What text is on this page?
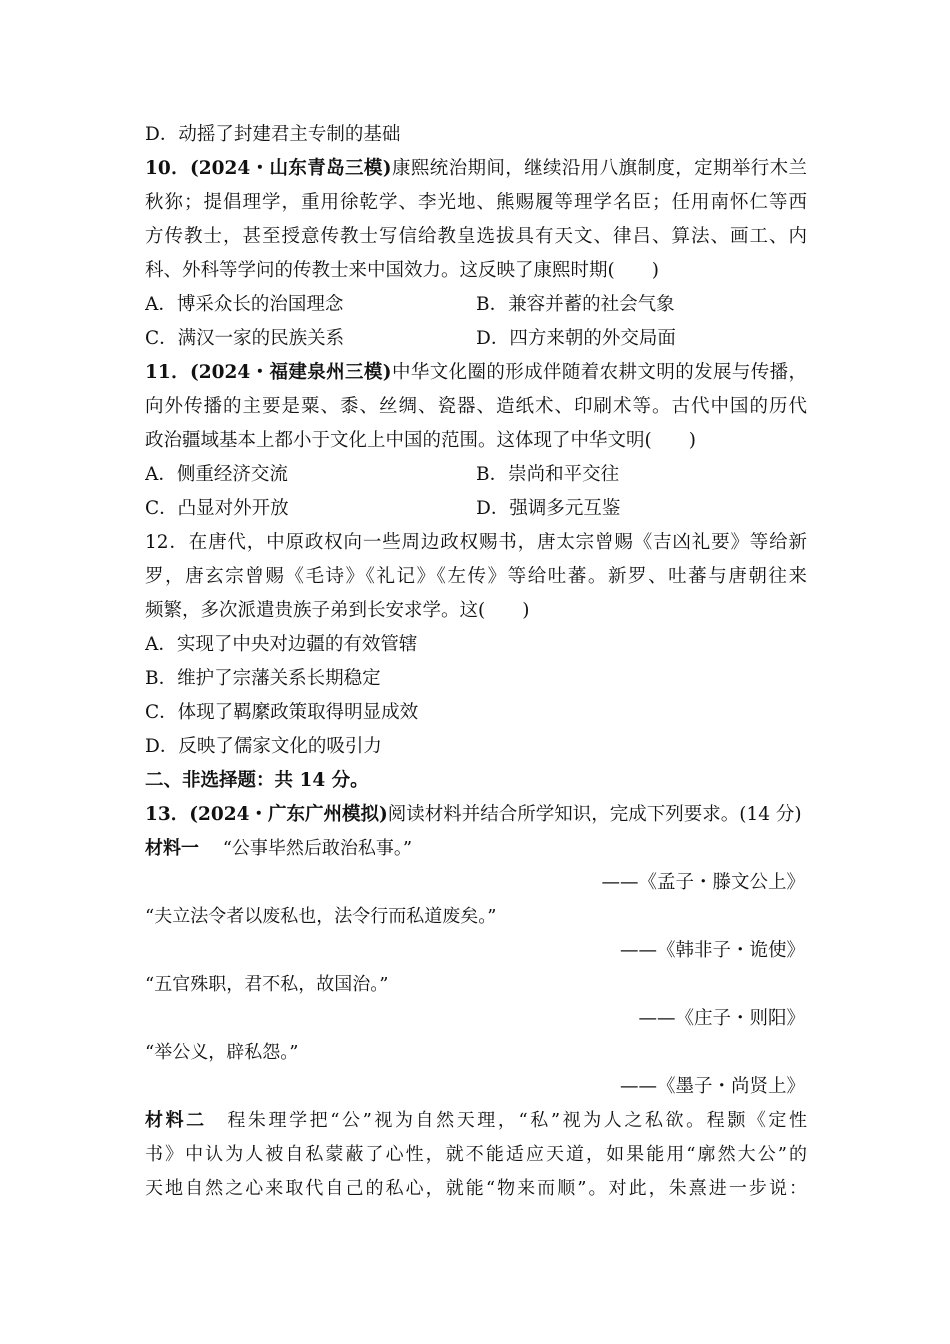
D．动摇了封建君主专制的基础
10．(2024・山东青岛三模)康熙统治期间，继续沿用八旗制度，定期举行木兰
秋狝；提倡理学，重用徐乾学、李光地、熊赐履等理学名臣；任用南怀仁等西
方传教士，甚至授意传教士写信给教皇选拔具有天文、律吕、算法、画工、内
科、外科等学问的传教士来中国效力。这反映了康熙时期(　　)
A．博采众长的治国理念	B．兼容并蓄的社会气象
C．满汉一家的民族关系	D．四方来朝的外交局面
11．(2024・福建泉州三模)中华文化圈的形成伴随着农耕文明的发展与传播，
向外传播的主要是粟、黍、丝绸、瓷器、造纸术、印刷术等。古代中国的历代
政治疆域基本上都小于文化上中国的范围。这体现了中华文明(　　)
A．侧重经济交流	B．崇尚和平交往
C．凸显对外开放	D．强调多元互鉴
12．在唐代，中原政权向一些周边政权赐书，唐太宗曾赐《吉凶礼要》等给新
罗，唐玄宗曾赐《毛诗》《礼记》《左传》等给吐蕃。新罗、吐蕃与唐朝往来
频繁，多次派遣贵族子弟到长安求学。这(　　)
A．实现了中央对边疆的有效管辖
B．维护了宗藩关系长期稳定
C．体现了羁縻政策取得明显成效
D．反映了儒家文化的吸引力
二、非选择题：共 14 分。
13．(2024・广东广州模拟)阅读材料并结合所学知识，完成下列要求。(14 分)
材料一　 “公事毕然后敢治私事。”
——《孟子・滕文公上》
“夫立法令者以废私也，法令行而私道废矣。”
——《韩非子・诡使》
“五官殊职，君不私，故国治。”
——《庄子・则阳》
“举公义，辟私怨。”
——《墨子・尚贤上》
材料二　 程朱理学把“公”视为自然天理，“私”视为人之私欲。程颢《定性
书》中认为人被自私蒙蔽了心性，就不能适应天道，如果能用“廓然大公”的
天地自然之心来取代自己的私心，就能“物来而顺”。对此，朱熹进一步说：
